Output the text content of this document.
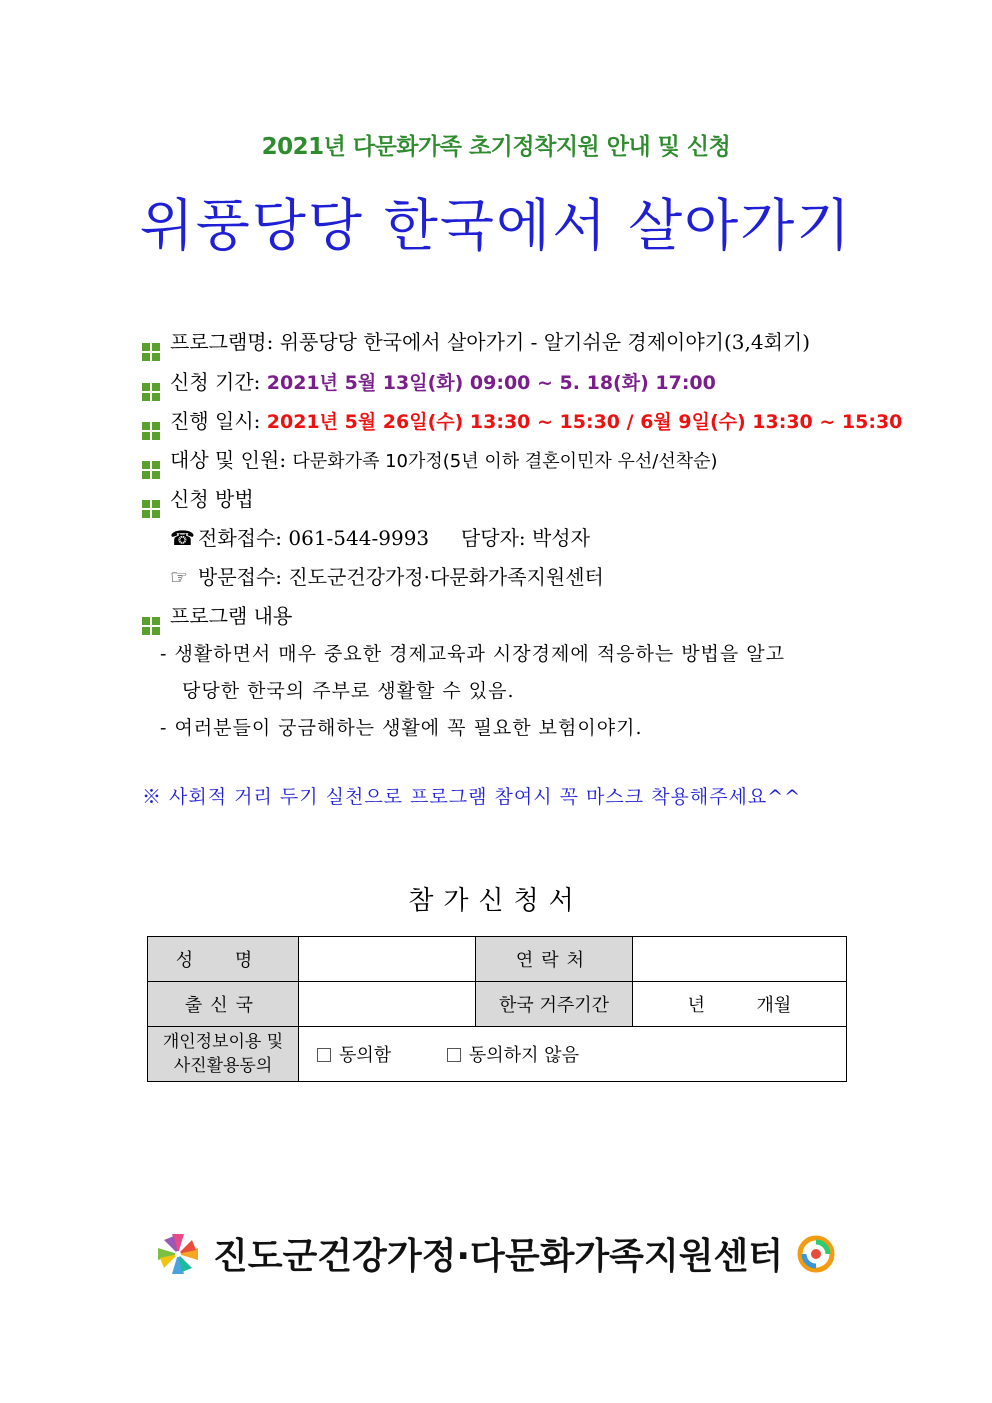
2021년 다문화가족 초기정착지원 안내 및 신청
위풍당당 한국에서 살아가기
프로그램명: 위풍당당 한국에서 살아가기 - 알기쉬운 경제이야기(3,4회기)
신청 기간: 2021년 5월 13일(화) 09:00 ~ 5. 18(화) 17:00
진행 일시: 2021년 5월 26일(수) 13:30 ~ 15:30 / 6월 9일(수) 13:30 ~ 15:30
대상 및 인원: 다문화가족 10가정(5년 이하 결혼이민자 우선/선착순)
신청 방법
☎ 전화접수: 061-544-9993     담당자: 박성자
☞ 방문접수: 진도군건강가정·다문화가족지원센터
프로그램 내용
- 생활하면서 매우 중요한 경제교육과 시장경제에 적응하는 방법을 알고
당당한 한국의 주부로 생활할 수 있음.
- 여러분들이 궁금해하는 생활에 꼭 필요한 보험이야기.
※ 사회적 거리 두기 실천으로 프로그램 참여시 꼭 마스크 착용해주세요^^
참가신청서
성 명		연락처	
출신국		한국 거주기간	년 개월

개인정보이용 및
사진활용동의	동의함 동의하지 않음		
진도군건강가정·다문화가족지원센터
